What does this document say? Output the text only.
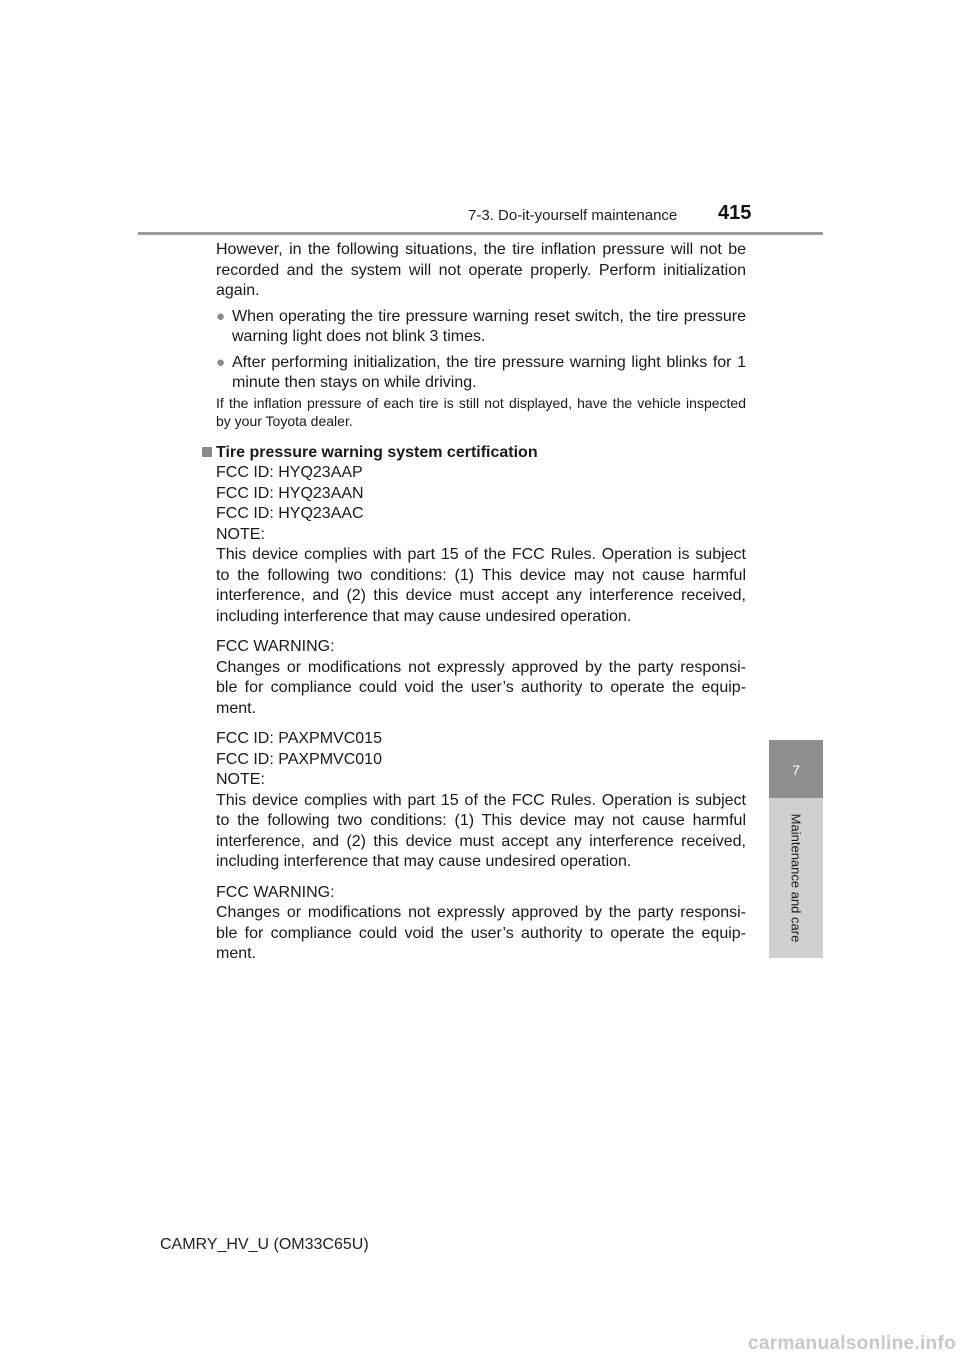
7-3. Do-it-yourself maintenance 415

However, in the following situations, the tire inflation pressure will not be recorded and the system will not operate properly. Perform initialization again.

● When operating the tire pressure warning reset switch, the tire pressure warning light does not blink 3 times.
● After performing initialization, the tire pressure warning light blinks for 1 minute then stays on while driving.

If the inflation pressure of each tire is still not displayed, have the vehicle inspected by your Toyota dealer.

Tire pressure warning system certification

FCC ID: HYQ23AAP

FCC ID: HYQ23AAN

FCC ID: HYQ23AAC

NOTE:

This device complies with part 15 of the FCC Rules. Operation is subject to the following two conditions: (1) This device may not cause harmful interference, and (2) this device must accept any interference received, including interference that may cause undesired operation.

FCC WARNING:

Changes or modifications not expressly approved by the party responsi-ble for compliance could void the user’s authority to operate the equip-ment.

FCC ID: PAXPMVC015

FCC ID: PAXPMVC010

NOTE:

This device complies with part 15 of the FCC Rules. Operation is subject to the following two conditions: (1) This device may not cause harmful interference, and (2) this device must accept any interference received, including interference that may cause undesired operation.

FCC WARNING:

Changes or modifications not expressly approved by the party responsi-ble for compliance could void the user’s authority to operate the equip-ment.

7
Maintenance and care
CAMRY_HV_U (OM33C65U)
carmanualsonline.info
